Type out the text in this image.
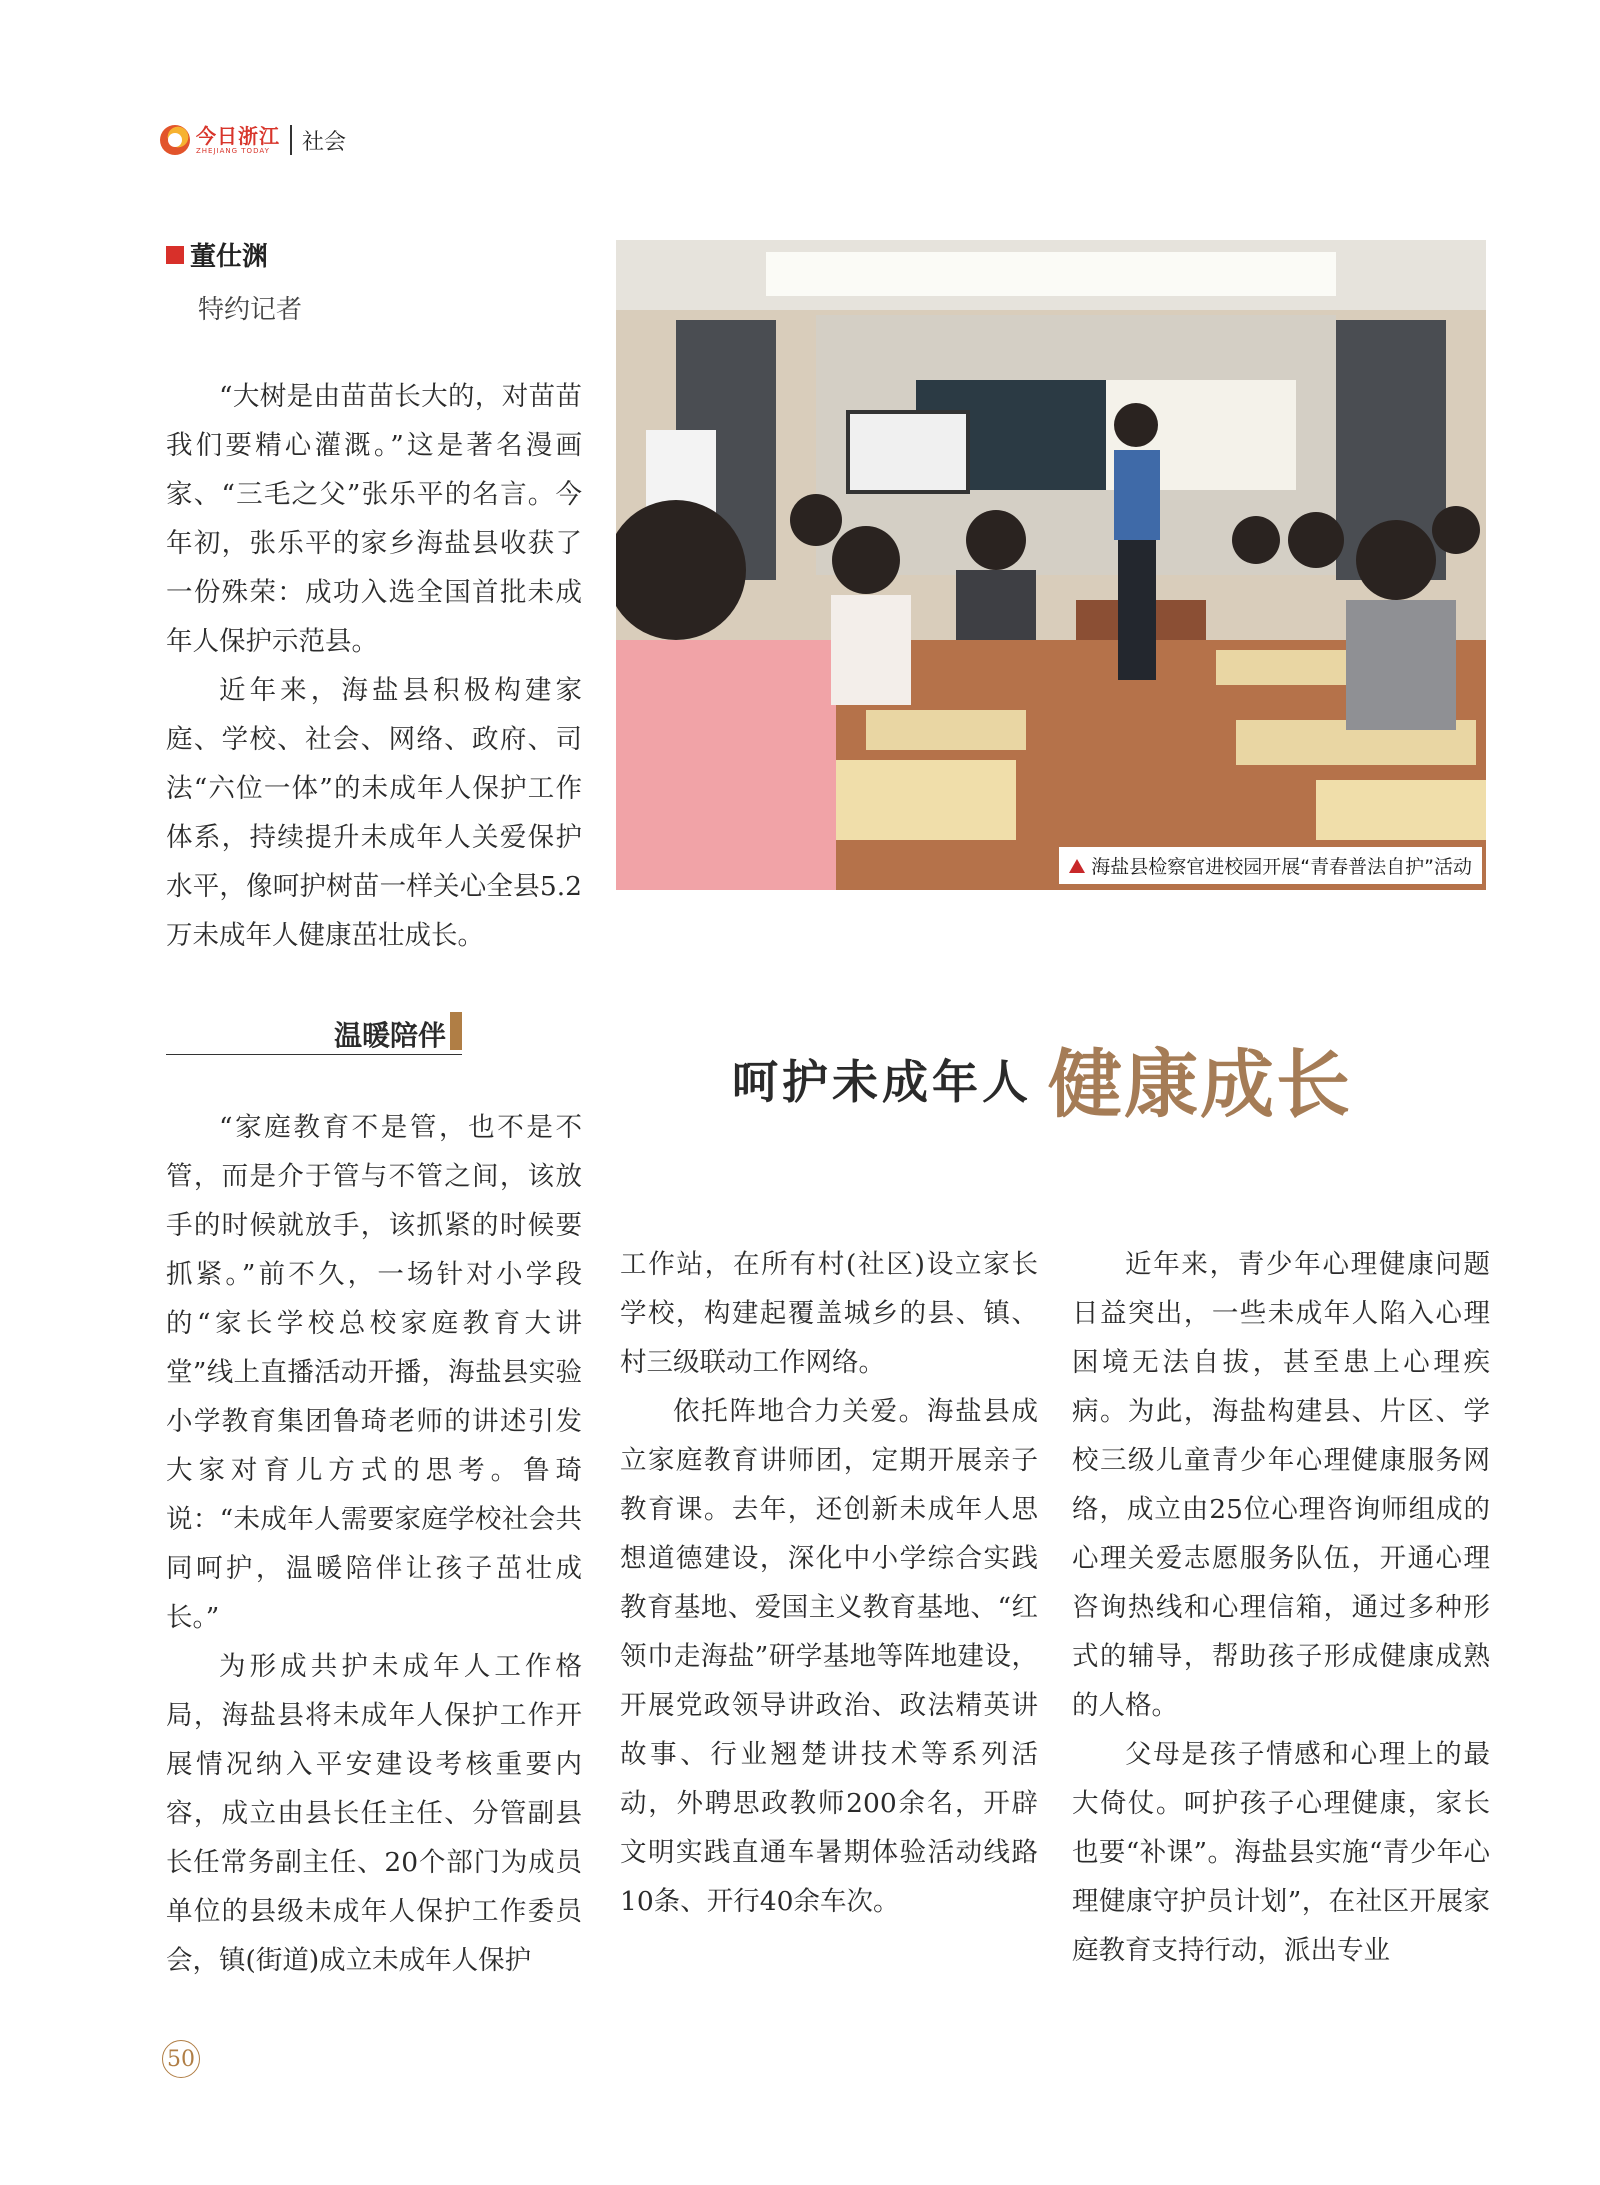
今日浙江
ZHEJIANG TODAY	社会
董仕渊
特约记者

“大树是由苗苗长大的，对苗苗我们要精心灌溉。”这是著名漫画家、“三毛之父”张乐平的名言。今年初，张乐平的家乡海盐县收获了一份殊荣：成功入选全国首批未成年人保护示范县。

近年来，海盐县积极构建家庭、学校、社会、网络、政府、司法“六位一体”的未成年人保护工作体系，持续提升未成年人关爱保护水平，像呵护树苗一样关心全县5.2万未成年人健康茁壮成长。

海盐县检察官进校园开展“青春普法自护”活动
温暖陪伴
呵护未成年人 健康成长

“家庭教育不是管，也不是不管，而是介于管与不管之间，该放手的时候就放手，该抓紧的时候要抓紧。”前不久，一场针对小学段的“家长学校总校家庭教育大讲堂”线上直播活动开播，海盐县实验小学教育集团鲁琦老师的讲述引发大家对育儿方式的思考。鲁琦说：“未成年人需要家庭学校社会共同呵护，温暖陪伴让孩子茁壮成长。”

为形成共护未成年人工作格局，海盐县将未成年人保护工作开展情况纳入平安建设考核重要内容，成立由县长任主任、分管副县长任常务副主任、20个部门为成员单位的县级未成年人保护工作委员会，镇(街道)成立未成年人保护

工作站，在所有村(社区)设立家长学校，构建起覆盖城乡的县、镇、村三级联动工作网络。

依托阵地合力关爱。海盐县成立家庭教育讲师团，定期开展亲子教育课。去年，还创新未成年人思想道德建设，深化中小学综合实践教育基地、爱国主义教育基地、“红领巾走海盐”研学基地等阵地建设，开展党政领导讲政治、政法精英讲故事、行业翘楚讲技术等系列活动，外聘思政教师200余名，开辟文明实践直通车暑期体验活动线路10条、开行40余车次。

近年来，青少年心理健康问题日益突出，一些未成年人陷入心理困境无法自拔，甚至患上心理疾病。为此，海盐构建县、片区、学校三级儿童青少年心理健康服务网络，成立由25位心理咨询师组成的心理关爱志愿服务队伍，开通心理咨询热线和心理信箱，通过多种形式的辅导，帮助孩子形成健康成熟的人格。

父母是孩子情感和心理上的最大倚仗。呵护孩子心理健康，家长也要“补课”。海盐县实施“青少年心理健康守护员计划”，在社区开展家庭教育支持行动，派出专业

50
